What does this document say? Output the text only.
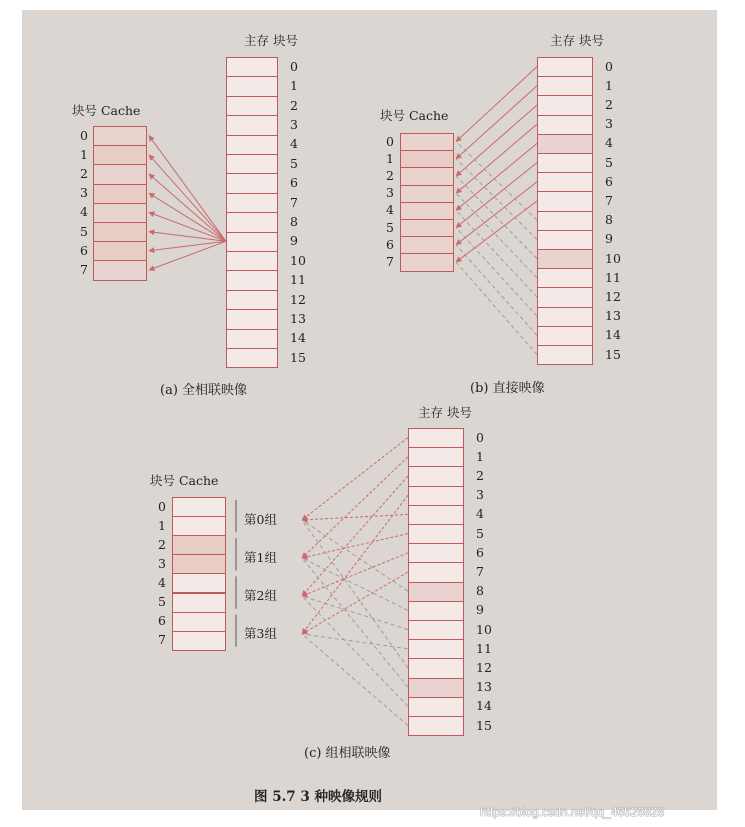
主存 块号
块号 Cache
(a) 全相联映像
主存 块号
块号 Cache
(b) 直接映像
主存 块号
块号 Cache
第0组
第1组
第2组
第3组
(c) 组相联映像
图 5.7 3 种映像规则
https://blog.csdn.net/qq_46526828
0
1
2
3
4
5
6
7
8
9
10
11
12
13
14
15
0
1
2
3
4
5
6
7
0
1
2
3
4
5
6
7
8
9
10
11
12
13
14
15
0
1
2
3
4
5
6
7
0
1
2
3
4
5
6
7
8
9
10
11
12
13
14
15
0
1
2
3
4
5
6
7
